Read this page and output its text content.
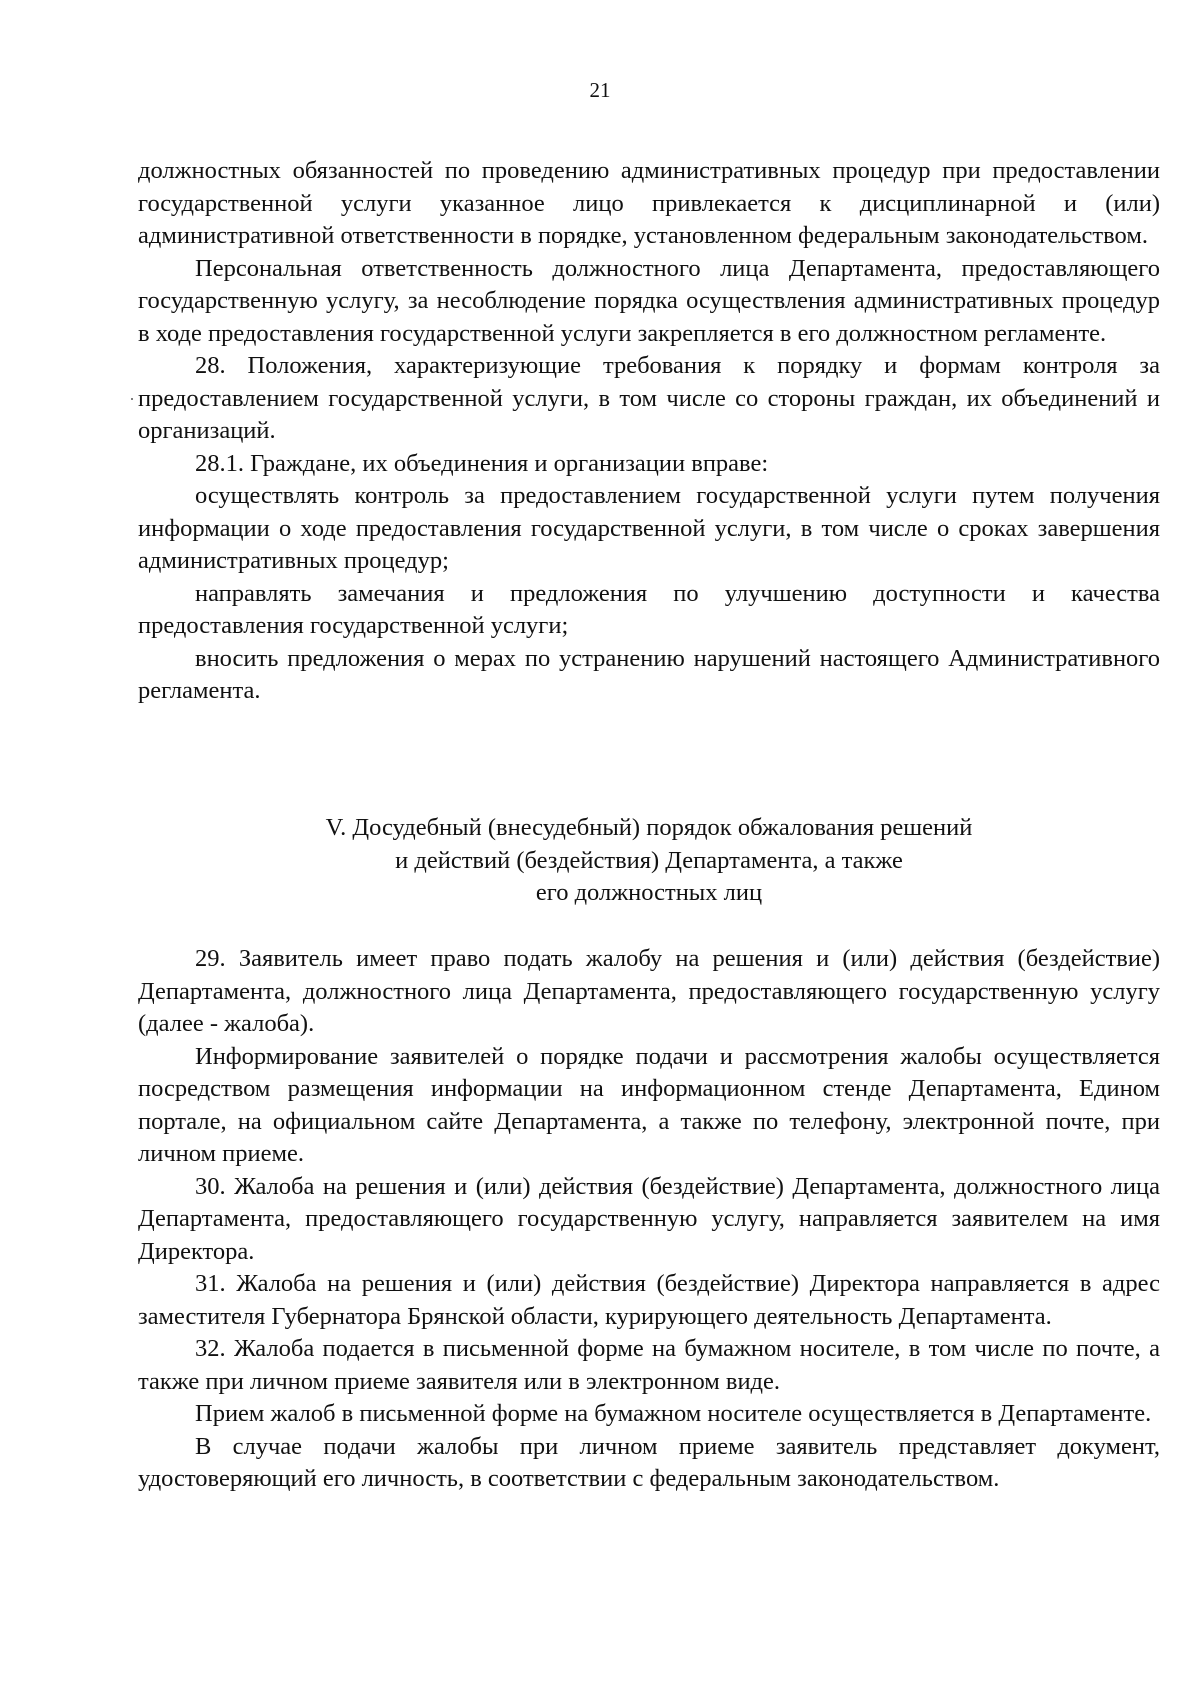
21

должностных обязанностей по проведению административных процедур при предоставлении государственной услуги указанное лицо привлекается к дисциплинарной и (или) административной ответственности в порядке, установленном федеральным законодательством.

Персональная ответственность должностного лица Департамента, предоставляющего государственную услугу, за несоблюдение порядка осуществления административных процедур в ходе предоставления государственной услуги закрепляется в его должностном регламенте.

28. Положения, характеризующие требования к порядку и формам контроля за предоставлением государственной услуги, в том числе со стороны граждан, их объединений и организаций.

28.1. Граждане, их объединения и организации вправе:

осуществлять контроль за предоставлением государственной услуги путем получения информации о ходе предоставления государственной услуги, в том числе о сроках завершения административных процедур;

направлять замечания и предложения по улучшению доступности и качества предоставления государственной услуги;

вносить предложения о мерах по устранению нарушений настоящего Административного регламента.

V. Досудебный (внесудебный) порядок обжалования решений
и действий (бездействия) Департамента, а также
его должностных лиц

29. Заявитель имеет право подать жалобу на решения и (или) действия (бездействие) Департамента, должностного лица Департамента, предоставляющего государственную услугу (далее - жалоба).

Информирование заявителей о порядке подачи и рассмотрения жалобы осуществляется посредством размещения информации на информационном стенде Департамента, Едином портале, на официальном сайте Департамента, а также по телефону, электронной почте, при личном приеме.

30. Жалоба на решения и (или) действия (бездействие) Департамента, должностного лица Департамента, предоставляющего государственную услугу, направляется заявителем на имя Директора.

31. Жалоба на решения и (или) действия (бездействие) Директора направляется в адрес заместителя Губернатора Брянской области, курирующего деятельность Департамента.

32. Жалоба подается в письменной форме на бумажном носителе, в том числе по почте, а также при личном приеме заявителя или в электронном виде.

Прием жалоб в письменной форме на бумажном носителе осуществляется в Департаменте.

В случае подачи жалобы при личном приеме заявитель представляет документ, удостоверяющий его личность, в соответствии с федеральным законодательством.
